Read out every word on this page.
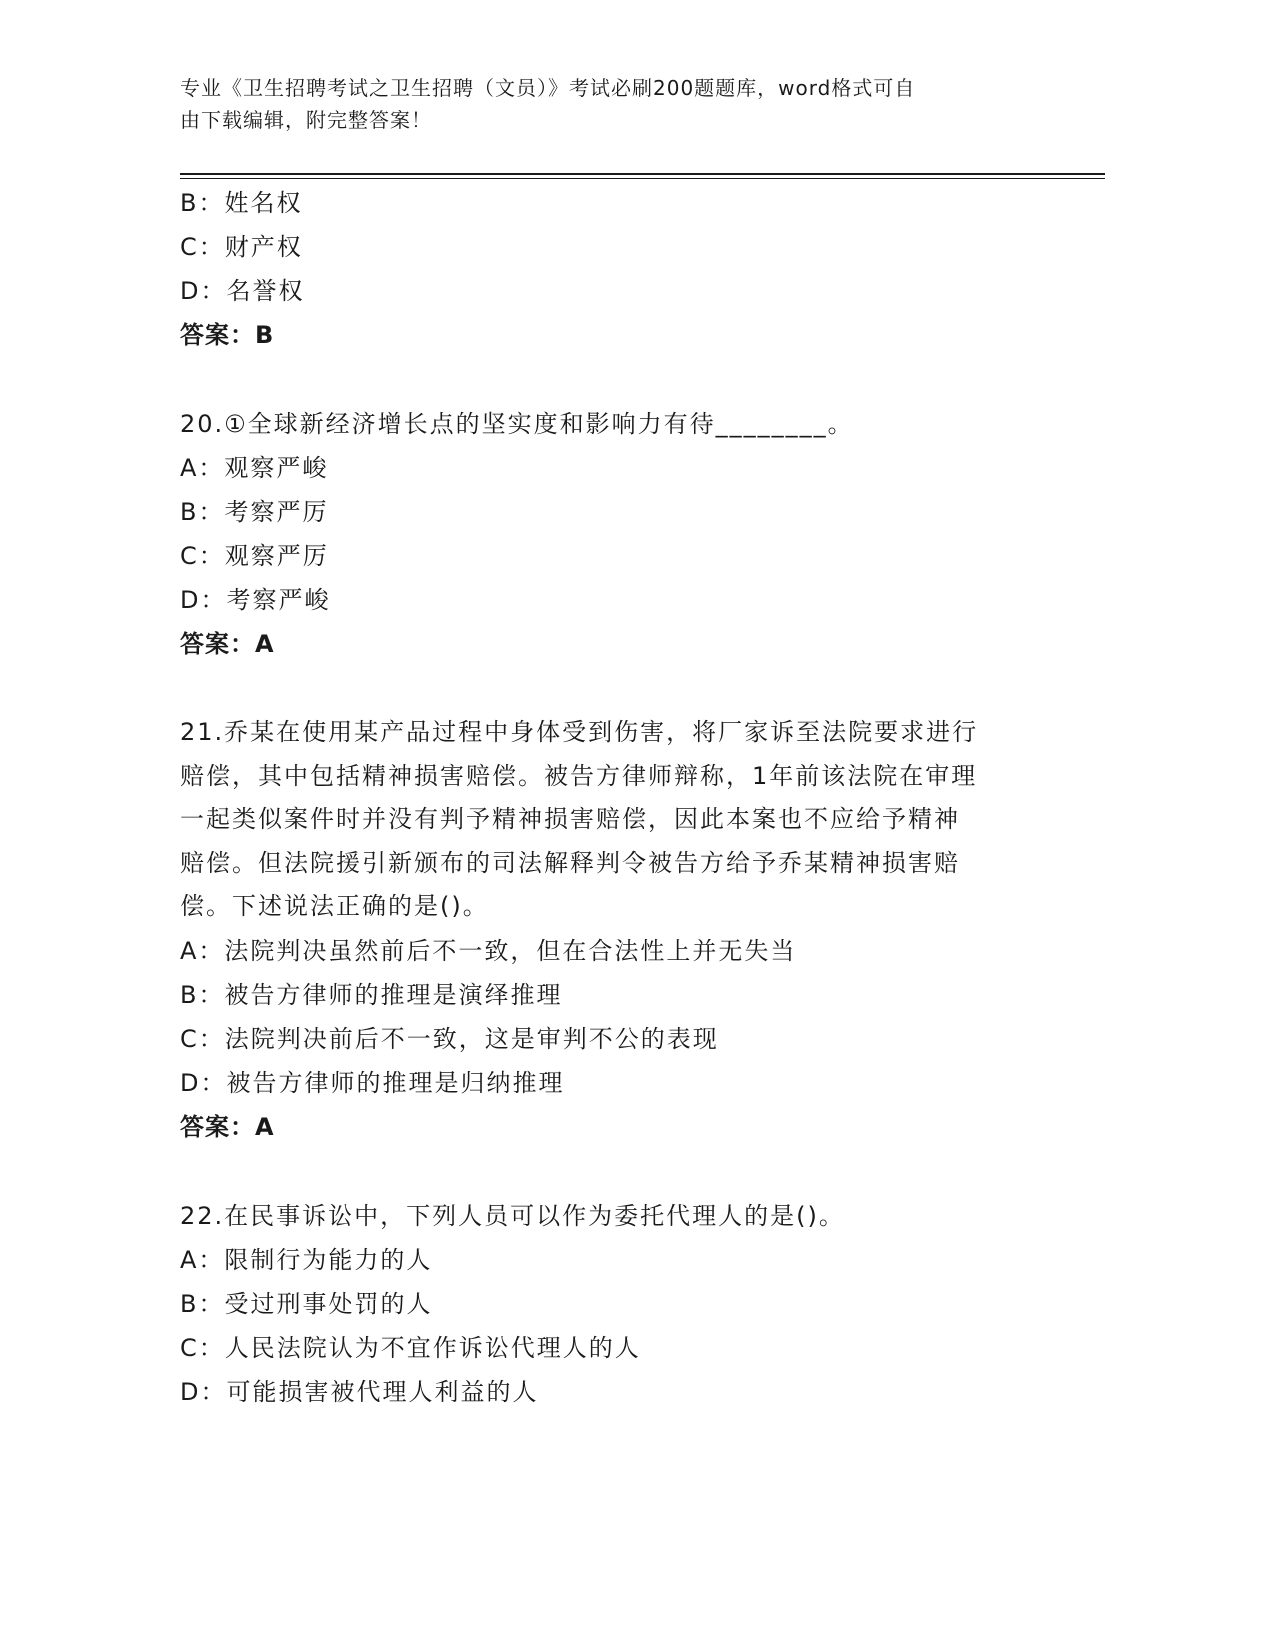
专业《卫生招聘考试之卫生招聘（文员）》考试必刷200题题库，word格式可自
由下载编辑，附完整答案！
B：姓名权
C：财产权
D：名誉权
答案：B
20.①全球新经济增长点的坚实度和影响力有待________。
A：观察严峻
B：考察严厉
C：观察严厉
D：考察严峻
答案：A
21.乔某在使用某产品过程中身体受到伤害，将厂家诉至法院要求进行
赔偿，其中包括精神损害赔偿。被告方律师辩称，1年前该法院在审理
一起类似案件时并没有判予精神损害赔偿，因此本案也不应给予精神
赔偿。但法院援引新颁布的司法解释判令被告方给予乔某精神损害赔
偿。下述说法正确的是()。
A：法院判决虽然前后不一致，但在合法性上并无失当
B：被告方律师的推理是演绎推理
C：法院判决前后不一致，这是审判不公的表现
D：被告方律师的推理是归纳推理
答案：A
22.在民事诉讼中，下列人员可以作为委托代理人的是()。
A：限制行为能力的人
B：受过刑事处罚的人
C：人民法院认为不宜作诉讼代理人的人
D：可能损害被代理人利益的人
